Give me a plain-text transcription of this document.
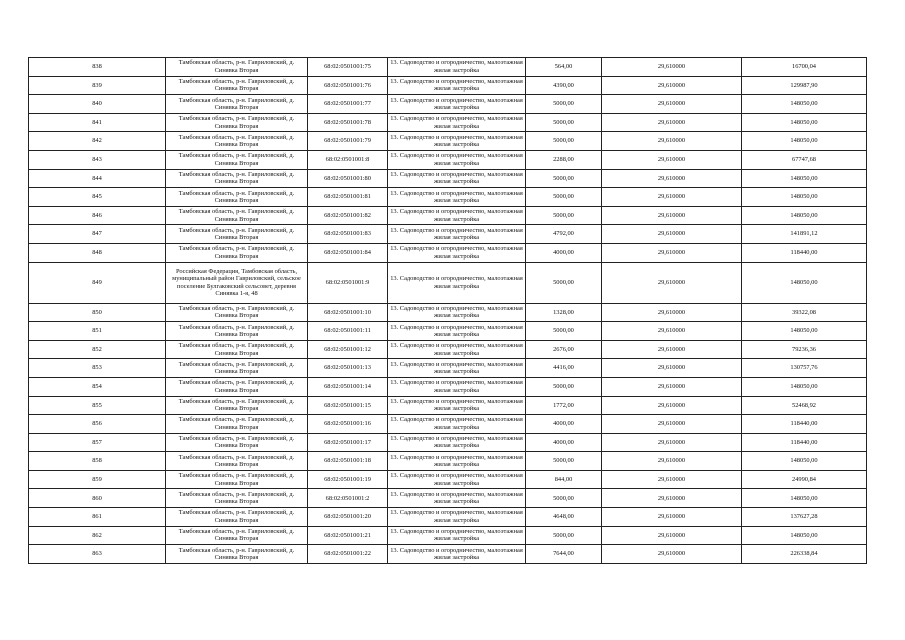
838	Тамбовская область, р-н. Гавриловский, д. Синявка Вторая	68:02:0501001:75	13. Садоводство и огородничество, малоэтажная жилая застройка	564,00	29,610000	16700,04
839	Тамбовская область, р-н. Гавриловский, д. Синявка Вторая	68:02:0501001:76	13. Садоводство и огородничество, малоэтажная жилая застройка	4390,00	29,610000	129987,90
840	Тамбовская область, р-н. Гавриловский, д. Синявка Вторая	68:02:0501001:77	13. Садоводство и огородничество, малоэтажная жилая застройка	5000,00	29,610000	148050,00
841	Тамбовская область, р-н. Гавриловский, д. Синявка Вторая	68:02:0501001:78	13. Садоводство и огородничество, малоэтажная жилая застройка	5000,00	29,610000	148050,00
842	Тамбовская область, р-н. Гавриловский, д. Синявка Вторая	68:02:0501001:79	13. Садоводство и огородничество, малоэтажная жилая застройка	5000,00	29,610000	148050,00
843	Тамбовская область, р-н. Гавриловский, д. Синявка Вторая	68:02:0501001:8	13. Садоводство и огородничество, малоэтажная жилая застройка	2288,00	29,610000	67747,68
844	Тамбовская область, р-н. Гавриловский, д. Синявка Вторая	68:02:0501001:80	13. Садоводство и огородничество, малоэтажная жилая застройка	5000,00	29,610000	148050,00
845	Тамбовская область, р-н. Гавриловский, д. Синявка Вторая	68:02:0501001:81	13. Садоводство и огородничество, малоэтажная жилая застройка	5000,00	29,610000	148050,00
846	Тамбовская область, р-н. Гавриловский, д. Синявка Вторая	68:02:0501001:82	13. Садоводство и огородничество, малоэтажная жилая застройка	5000,00	29,610000	148050,00
847	Тамбовская область, р-н. Гавриловский, д. Синявка Вторая	68:02:0501001:83	13. Садоводство и огородничество, малоэтажная жилая застройка	4792,00	29,610000	141891,12
848	Тамбовская область, р-н. Гавриловский, д. Синявка Вторая	68:02:0501001:84	13. Садоводство и огородничество, малоэтажная жилая застройка	4000,00	29,610000	118440,00
849	Российская Федерация, Тамбовская область, муниципальный район Гавриловский, сельское поселение Булгаковский сельсовет, деревня Синявка 1-я, 48	68:02:0501001:9	13. Садоводство и огородничество, малоэтажная жилая застройка	5000,00	29,610000	148050,00
850	Тамбовская область, р-н. Гавриловский, д. Синявка Вторая	68:02:0501001:10	13. Садоводство и огородничество, малоэтажная жилая застройка	1328,00	29,610000	39322,08
851	Тамбовская область, р-н. Гавриловский, д. Синявка Вторая	68:02:0501001:11	13. Садоводство и огородничество, малоэтажная жилая застройка	5000,00	29,610000	148050,00
852	Тамбовская область, р-н. Гавриловский, д. Синявка Вторая	68:02:0501001:12	13. Садоводство и огородничество, малоэтажная жилая застройка	2676,00	29,610000	79236,36
853	Тамбовская область, р-н. Гавриловский, д. Синявка Вторая	68:02:0501001:13	13. Садоводство и огородничество, малоэтажная жилая застройка	4416,00	29,610000	130757,76
854	Тамбовская область, р-н. Гавриловский, д. Синявка Вторая	68:02:0501001:14	13. Садоводство и огородничество, малоэтажная жилая застройка	5000,00	29,610000	148050,00
855	Тамбовская область, р-н. Гавриловский, д. Синявка Вторая	68:02:0501001:15	13. Садоводство и огородничество, малоэтажная жилая застройка	1772,00	29,610000	52468,92
856	Тамбовская область, р-н. Гавриловский, д. Синявка Вторая	68:02:0501001:16	13. Садоводство и огородничество, малоэтажная жилая застройка	4000,00	29,610000	118440,00
857	Тамбовская область, р-н. Гавриловский, д. Синявка Вторая	68:02:0501001:17	13. Садоводство и огородничество, малоэтажная жилая застройка	4000,00	29,610000	118440,00
858	Тамбовская область, р-н. Гавриловский, д. Синявка Вторая	68:02:0501001:18	13. Садоводство и огородничество, малоэтажная жилая застройка	5000,00	29,610000	148050,00
859	Тамбовская область, р-н. Гавриловский, д. Синявка Вторая	68:02:0501001:19	13. Садоводство и огородничество, малоэтажная жилая застройка	844,00	29,610000	24990,84
860	Тамбовская область, р-н. Гавриловский, д. Синявка Вторая	68:02:0501001:2	13. Садоводство и огородничество, малоэтажная жилая застройка	5000,00	29,610000	148050,00
861	Тамбовская область, р-н. Гавриловский, д. Синявка Вторая	68:02:0501001:20	13. Садоводство и огородничество, малоэтажная жилая застройка	4648,00	29,610000	137627,28
862	Тамбовская область, р-н. Гавриловский, д. Синявка Вторая	68:02:0501001:21	13. Садоводство и огородничество, малоэтажная жилая застройка	5000,00	29,610000	148050,00
863	Тамбовская область, р-н. Гавриловский, д. Синявка Вторая	68:02:0501001:22	13. Садоводство и огородничество, малоэтажная жилая застройка	7644,00	29,610000	226338,84
